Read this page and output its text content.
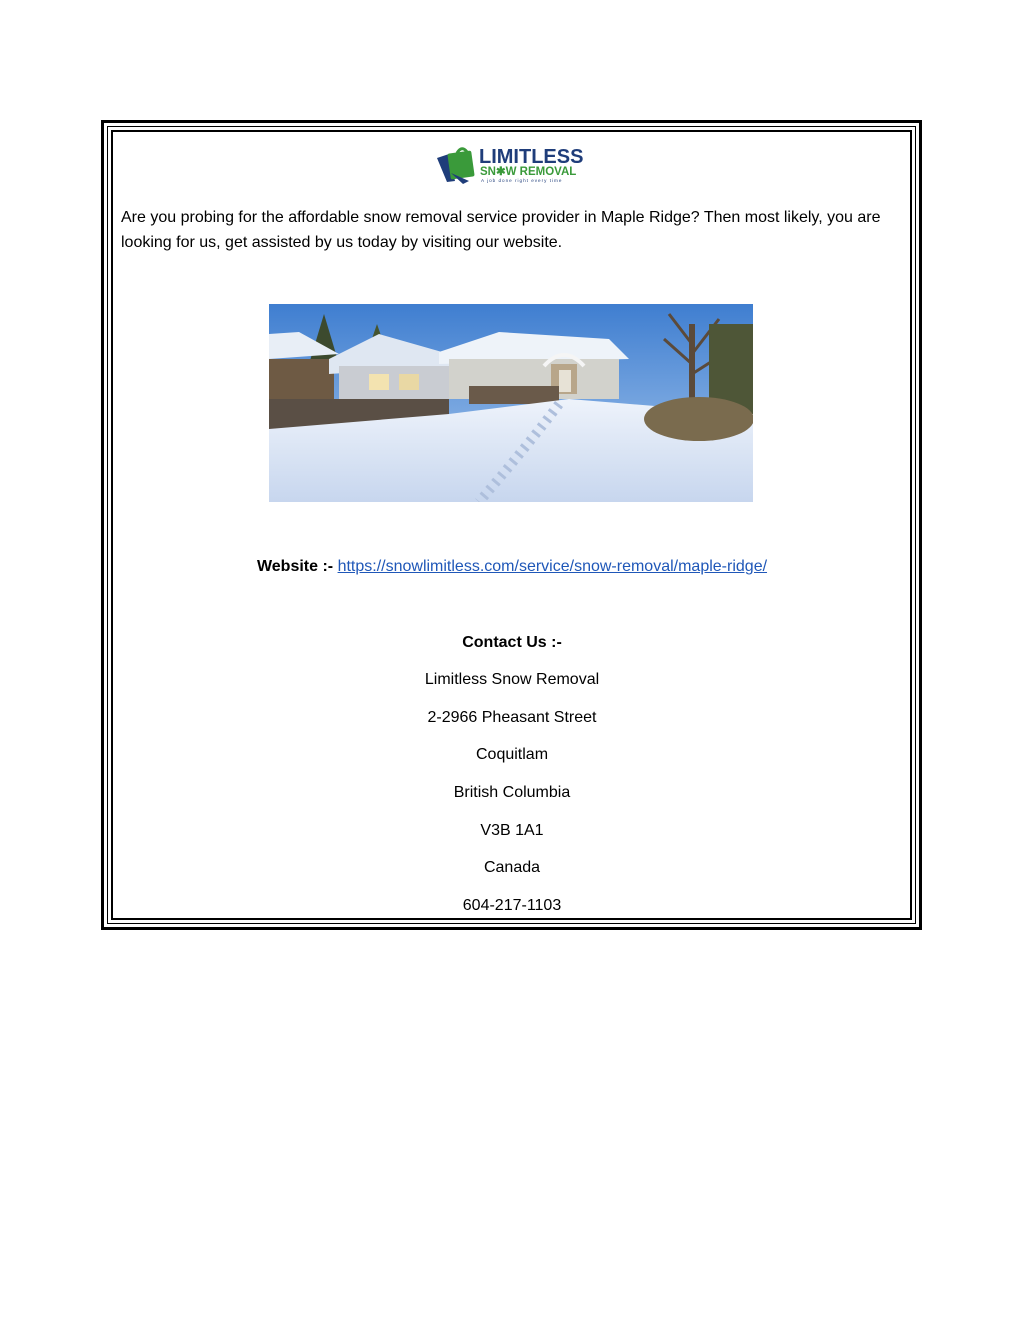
LIMITLESS
SN✱W REMOVAL
A job done right every time
Are you probing for the affordable snow removal service provider in Maple Ridge? Then most likely, you are looking for us, get assisted by us today by visiting our website.
Website :- https://snowlimitless.com/service/snow-removal/maple-ridge/
Contact Us :-
Limitless Snow Removal
2-2966 Pheasant Street
Coquitlam
British Columbia
V3B 1A1
Canada
604-217-1103
